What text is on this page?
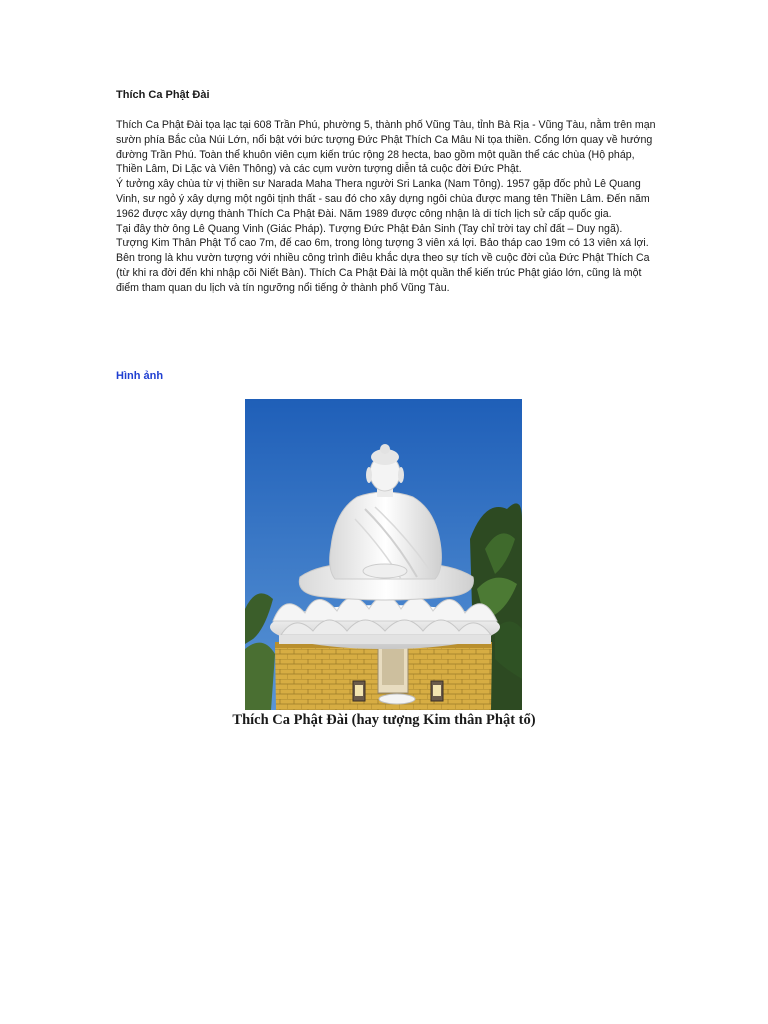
Thích Ca Phật Đài

Thích Ca Phật Đài tọa lạc tại 608 Trần Phú, phường 5, thành phố Vũng Tàu, tỉnh Bà Rịa - Vũng Tàu, nằm trên mạn sườn phía Bắc của Núi Lớn, nổi bật với bức tượng Đức Phật Thích Ca Mâu Ni tọa thiền. Cổng lớn quay về hướng đường Trần Phú. Toàn thể khuôn viên cụm kiến trúc rộng 28 hecta, bao gồm một quần thể các chùa (Hộ pháp, Thiền Lâm, Di Lặc và Viên Thông) và các cụm vườn tượng diễn tả cuộc đời Đức Phật.

Ý tưởng xây chùa từ vị thiền sư Narada Maha Thera người Sri Lanka (Nam Tông). 1957 gặp đốc phủ Lê Quang Vinh, sư ngỏ ý xây dựng một ngôi tịnh thất - sau đó cho xây dựng ngôi chùa được mang tên Thiền Lâm. Đến năm 1962 được xây dựng thành Thích Ca Phật Đài. Năm 1989 được công nhận là di tích lịch sử cấp quốc gia.

Tại đây thờ ông Lê Quang Vinh (Giác Pháp). Tượng Đức Phật Đản Sinh (Tay chỉ trời tay chỉ đất – Duy ngã). Tượng Kim Thân Phật Tổ cao 7m, đế cao 6m, trong lòng tượng 3 viên xá lợi. Bảo tháp cao 19m có 13 viên xá lợi. Bên trong là khu vườn tượng với nhiều công trình điêu khắc dựa theo sự tích về cuộc đời của Đức Phật Thích Ca (từ khi ra đời đến khi nhập cõi Niết Bàn). Thích Ca Phật Đài là một quần thể kiến trúc Phật giáo lớn, cũng là một điểm tham quan du lịch và tín ngưỡng nổi tiếng ở thành phố Vũng Tàu.

Hình ảnh

Thích Ca Phật Đài (hay tượng Kim thân Phật tổ)
